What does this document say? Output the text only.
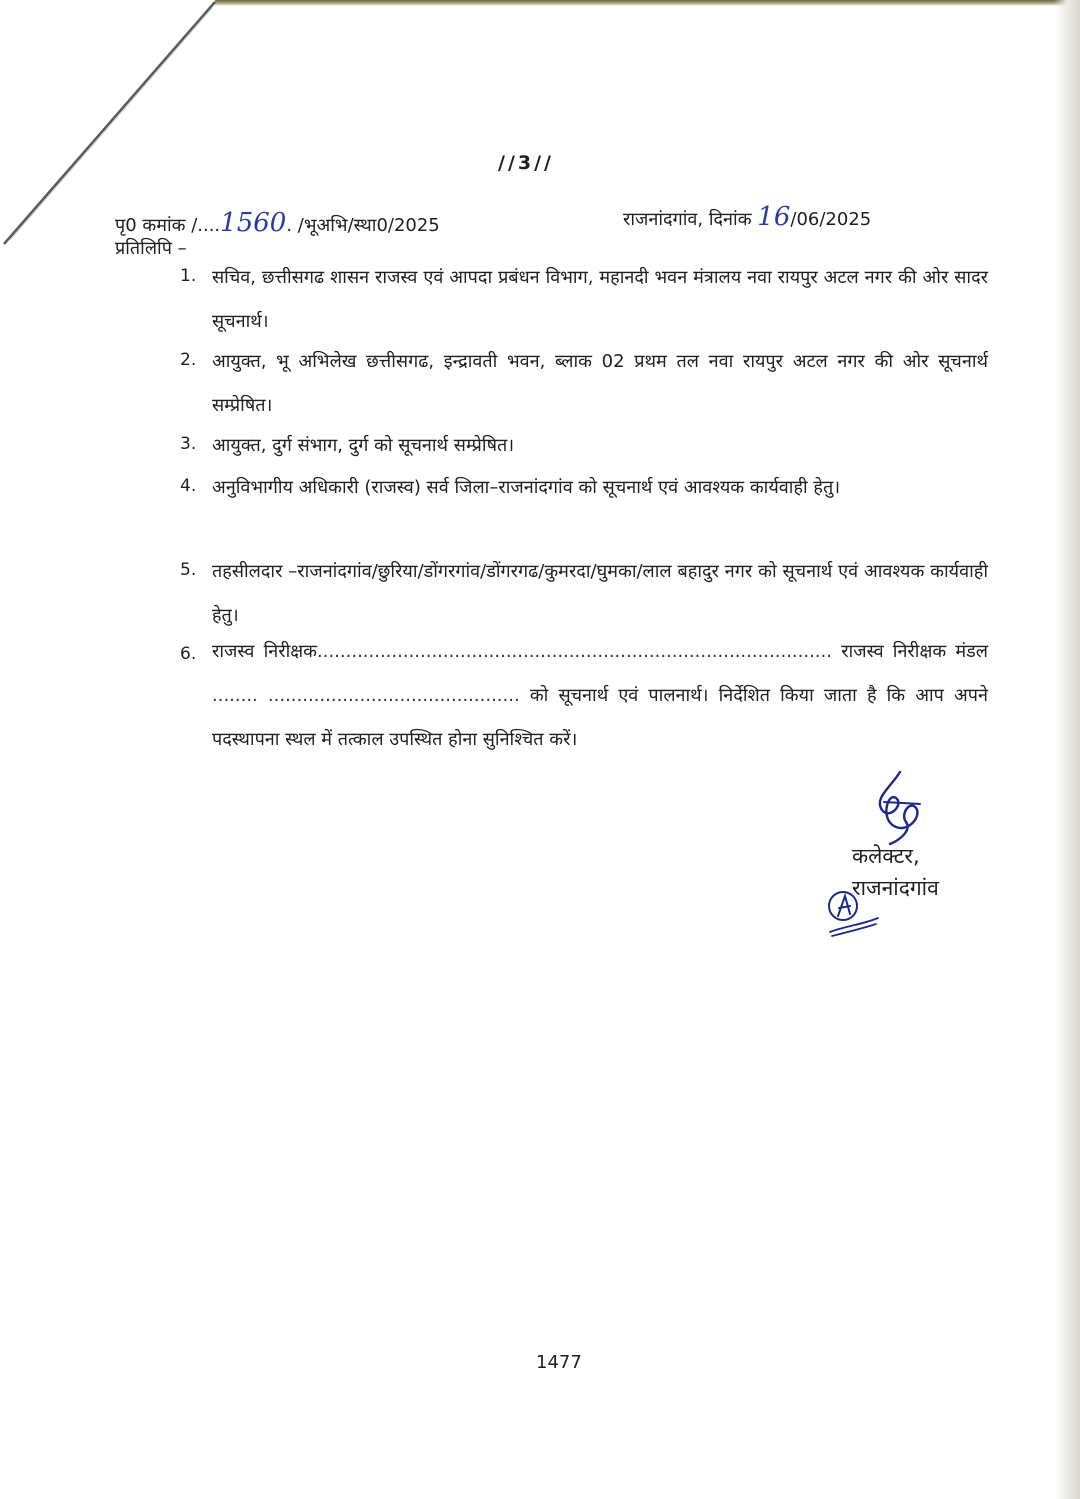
//3//
पृ0 कमांक /....1560. /भूअभि/स्था0/2025	राजनांदगांव, दिनांक 16/06/2025
प्रतिलिपि –
1. सचिव, छत्तीसगढ शासन राजस्व एवं आपदा प्रबंधन विभाग, महानदी भवन मंत्रालय नवा रायपुर अटल नगर की ओर सादर सूचनार्थ।
2. आयुक्त, भू अभिलेख छत्तीसगढ, इन्द्रावती भवन, ब्लाक 02 प्रथम तल नवा रायपुर अटल नगर की ओर सूचनार्थ सम्प्रेषित।
3. आयुक्त, दुर्ग संभाग, दुर्ग को सूचनार्थ सम्प्रेषित।
4. अनुविभागीय अधिकारी (राजस्व) सर्व जिला–राजनांदगांव को सूचनार्थ एवं आवश्यक कार्यवाही हेतु।
5. तहसीलदार –राजनांदगांव/छुरिया/डोंगरगांव/डोंगरगढ/कुमरदा/घुमका/लाल बहादुर नगर को सूचनार्थ एवं आवश्यक कार्यवाही हेतु।
6. राजस्व निरीक्षक.......................................................................................... राजस्व निरीक्षक मंडल ........ ............................................ को सूचनार्थ एवं पालनार्थ। निर्देशित किया जाता है कि आप अपने पदस्थापना स्थल में तत्काल उपस्थित होना सुनिश्चित करें।
कलेक्टर,
राजनांदगांव
1477
